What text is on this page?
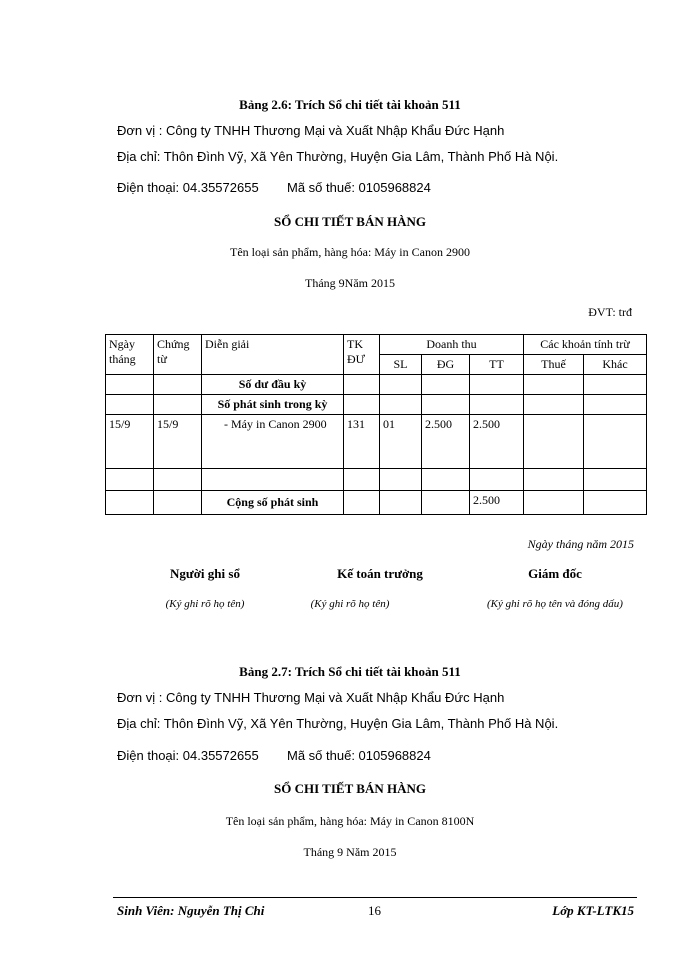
Bảng 2.6: Trích Sổ chi tiết tài khoản 511
Đơn vị : Công ty TNHH Thương Mại và Xuất Nhập Khẩu Đức Hạnh
Địa chỉ: Thôn Đình Vỹ, Xã Yên Thường, Huyện Gia Lâm, Thành Phố Hà Nội.
Điện thoại: 04.35572655 Mã số thuế: 0105968824
SỔ CHI TIẾT BÁN HÀNG
Tên loại sản phẩm, hàng hóa: Máy in Canon 2900
Tháng 9Năm 2015
ĐVT: trđ
Ngày tháng	Chứng từ	Diễn giải	TK ĐƯ	Doanh thu			Các khoản tính trừ	
				SL	ĐG	TT	Thuế	Khác
		Số dư đầu kỳ						
		Số phát sinh trong kỳ						
15/9	15/9	- Máy in Canon 2900	131	01	2.500	2.500		

		Cộng số phát sinh				2.500		
Ngày tháng năm 2015
Người ghi sổ
(Ký ghi rõ họ tên)
Kế toán trưởng
(Ký ghi rõ họ tên)
Giám đốc
(Ký ghi rõ họ tên và đóng dấu)
Bảng 2.7: Trích Sổ chi tiết tài khoản 511
Đơn vị : Công ty TNHH Thương Mại và Xuất Nhập Khẩu Đức Hạnh
Địa chỉ: Thôn Đình Vỹ, Xã Yên Thường, Huyện Gia Lâm, Thành Phố Hà Nội.
Điện thoại: 04.35572655 Mã số thuế: 0105968824
SỔ CHI TIẾT BÁN HÀNG
Tên loại sản phẩm, hàng hóa: Máy in Canon 8100N
Tháng 9 Năm 2015
Sinh Viên: Nguyễn Thị Chi	16	Lớp KT-LTK15
